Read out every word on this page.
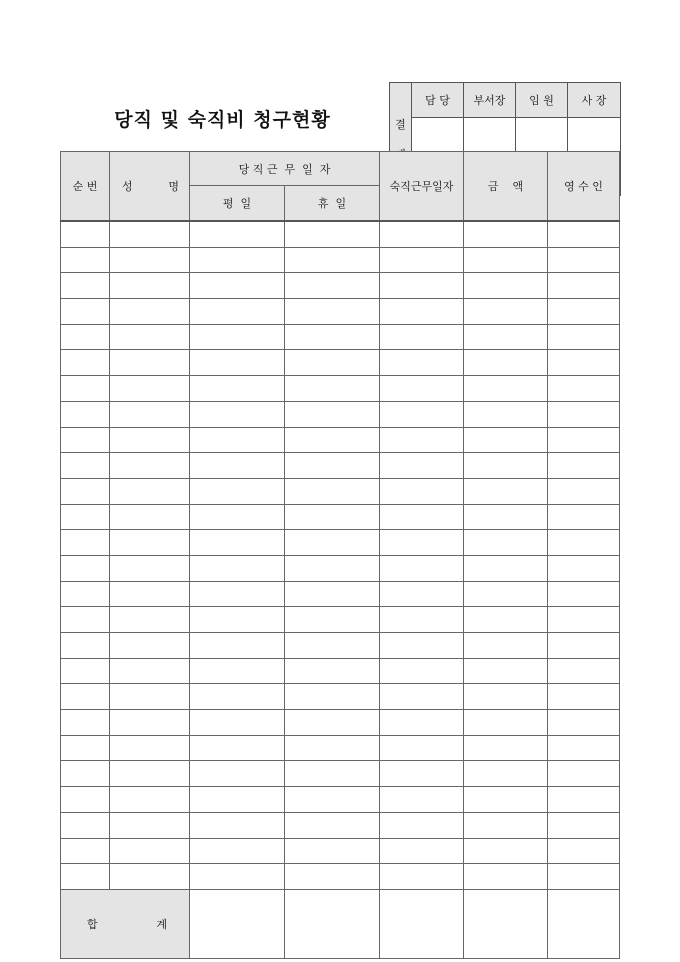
당직 및 숙직비 청구현황

	결	담 당	부서장	임 원	사 장

순 번	성 명	당 직 근  무  일  자		숙직근무일자	금    액	영 수 인
		평  일	휴  일			

합 계						
